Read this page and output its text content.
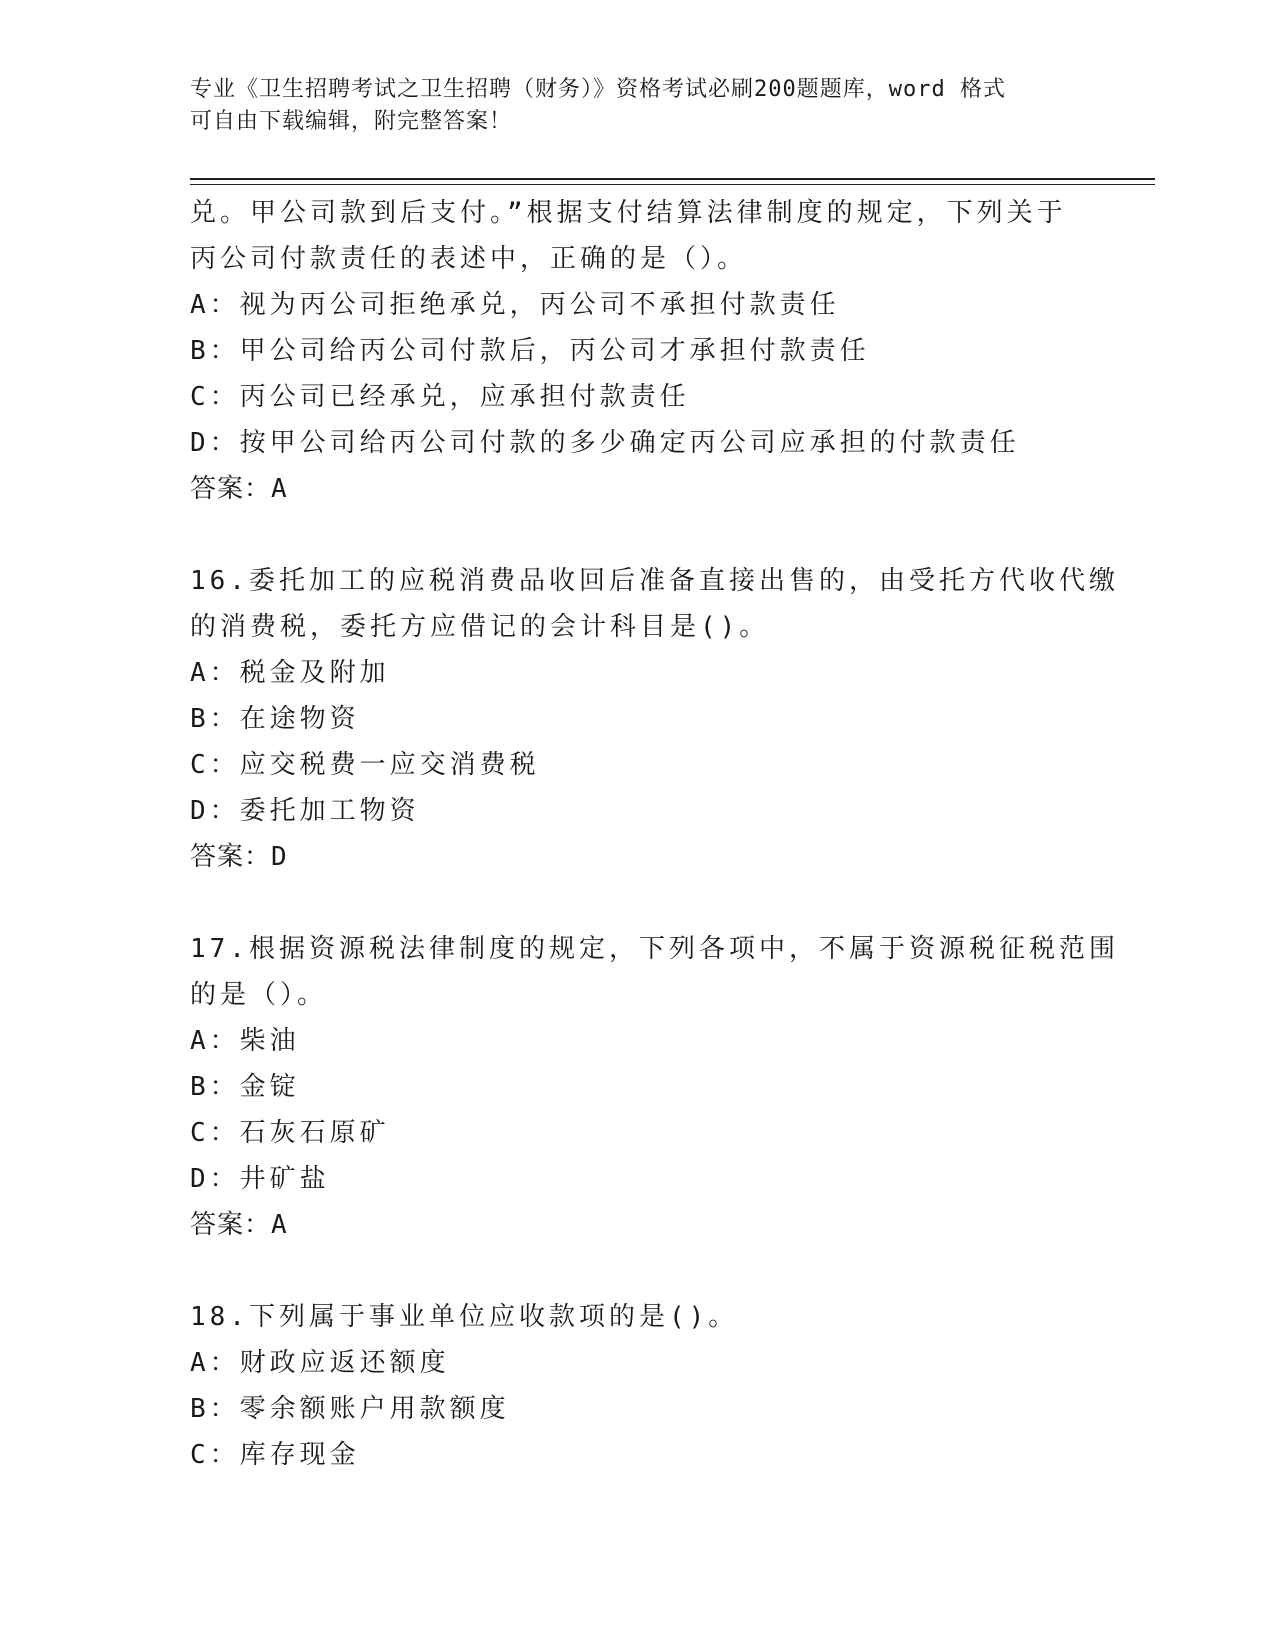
专业《卫生招聘考试之卫生招聘（财务）》资格考试必刷200题题库，word 格式
可自由下载编辑，附完整答案！
兑。甲公司款到后支付。”根据支付结算法律制度的规定，下列关于
丙公司付款责任的表述中，正确的是（）。
A：视为丙公司拒绝承兑，丙公司不承担付款责任
B：甲公司给丙公司付款后，丙公司才承担付款责任
C：丙公司已经承兑，应承担付款责任
D：按甲公司给丙公司付款的多少确定丙公司应承担的付款责任
答案：A
16.委托加工的应税消费品收回后准备直接出售的，由受托方代收代缴
的消费税，委托方应借记的会计科目是()。
A：税金及附加
B：在途物资
C：应交税费一应交消费税
D：委托加工物资
答案：D
17.根据资源税法律制度的规定，下列各项中，不属于资源税征税范围
的是（）。
A：柴油
B：金锭
C：石灰石原矿
D：井矿盐
答案：A
18.下列属于事业单位应收款项的是()。
A：财政应返还额度
B：零余额账户用款额度
C：库存现金
